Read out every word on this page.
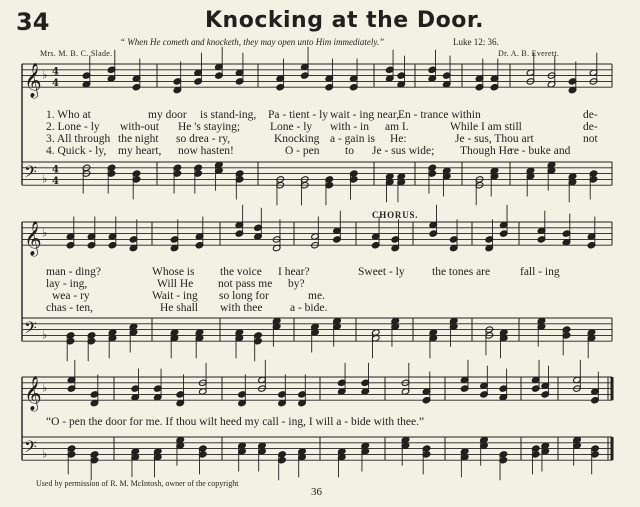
34	Knocking at the Door.
“ When He cometh and knocketh, they may open unto Him immediately.”	Luke 12: 36.
Mrs. M. B. C. Slade.	Dr. A. B. Everett.
CHORUS.
𝄞
𝄢
♭
♭
4
4
4
4
𝄞
𝄢
♭
♭
𝄞
𝄢
♭
♭
1. Who at	my door is stand-ing, Pa - tient - ly wait - ing near,
En - trance within	de-
2. Lone - ly with-out He 's staying;	Lone - ly with - in am I.	While I am still	de-
3. All through the night so drea - ry,	Knocking a - gain is He:	Je - sus, Thou art	not
4. Quick - ly, my heart, now hasten!	O - pen to Je - sus wide; Though He
re - buke and
man - ding?	Whose is the voice I hear?	Sweet - ly the tones are	fall - ing
lay - ing,	Will He not pass me by?
wea - ry	Wait - ing so long for	me.
chas - ten,	He shall with thee a - bide.
“O - pen the door for me. If thou wilt heed my call - ing, I will a - bide with thee.”
Used by permission of R. M. McIntosh, owner of the copyright
36
